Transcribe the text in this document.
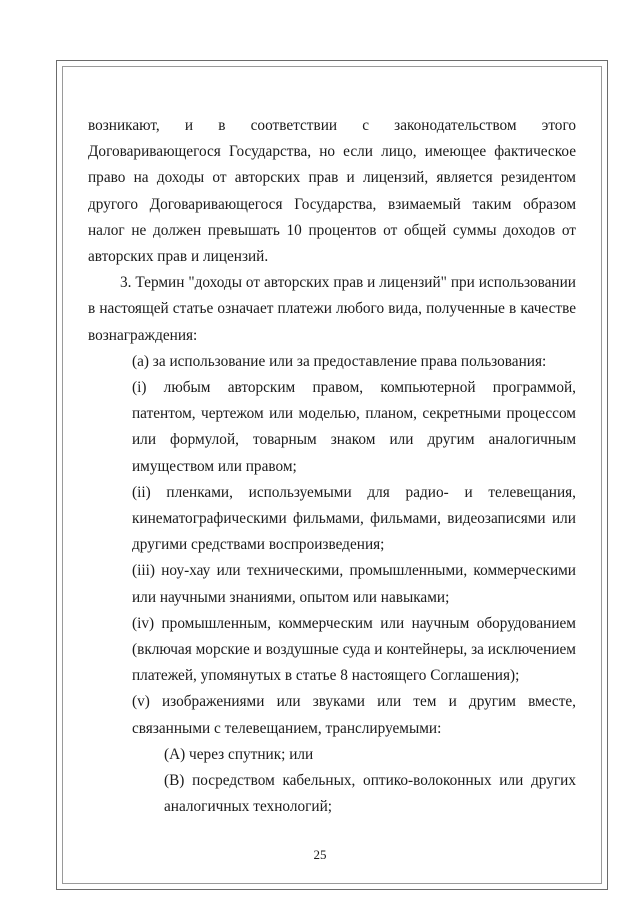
возникают, и в соответствии с законодательством этого Договаривающегося Государства, но если лицо, имеющее фактическое право на доходы от авторских прав и лицензий, является резидентом другого Договаривающегося Государства, взимаемый таким образом налог не должен превышать 10 процентов от общей суммы доходов от авторских прав и лицензий.

3. Термин "доходы от авторских прав и лицензий" при использовании в настоящей статье означает платежи любого вида, полученные в качестве вознаграждения:

(a) за использование или за предоставление права пользования:

(i) любым авторским правом, компьютерной программой, патентом, чертежом или моделью, планом, секретными процессом или формулой, товарным знаком или другим аналогичным имуществом или правом;

(ii) пленками, используемыми для радио- и телевещания, кинематографическими фильмами, фильмами, видеозаписями или другими средствами воспроизведения;

(iii) ноу-хау или техническими, промышленными, коммерческими или научными знаниями, опытом или навыками;

(iv) промышленным, коммерческим или научным оборудованием (включая морские и воздушные суда и контейнеры, за исключением платежей, упомянутых в статье 8 настоящего Соглашения);

(v) изображениями или звуками или тем и другим вместе, связанными с телевещанием, транслируемыми:

(A) через спутник; или

(B) посредством кабельных, оптико-волоконных или других аналогичных технологий;

25
